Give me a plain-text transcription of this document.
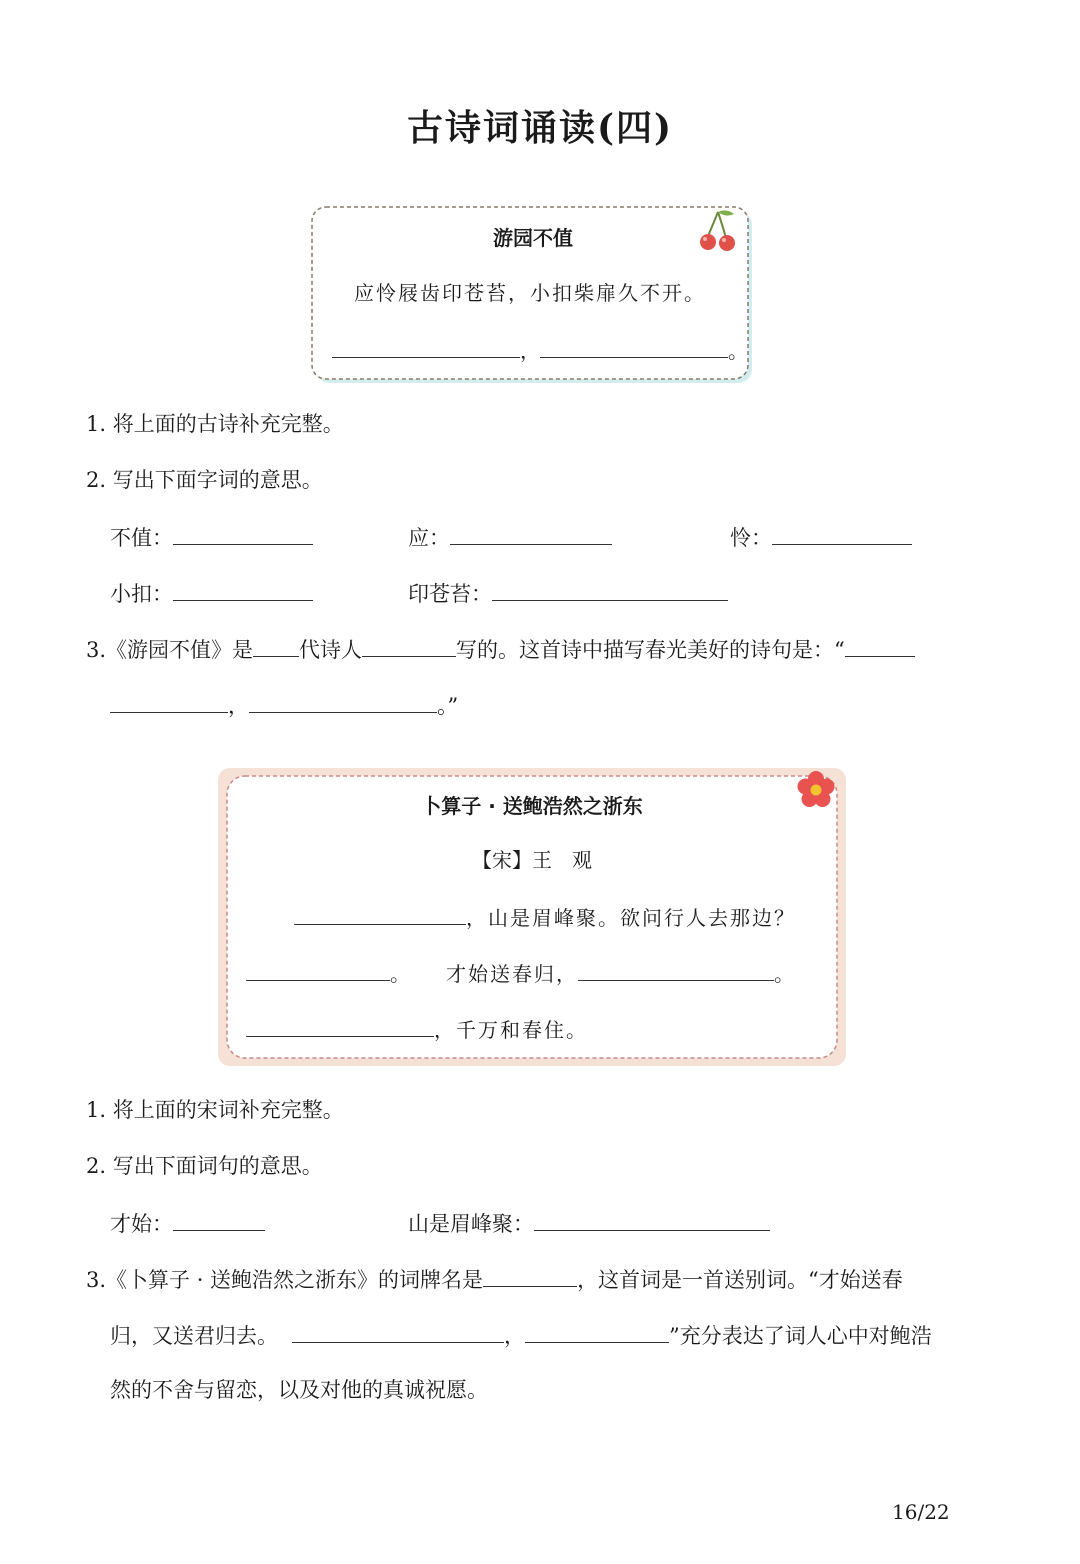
古诗词诵读(四)
游园不值
应怜屐齿印苍苔，小扣柴扉久不开。
，	。
1. 将上面的古诗补充完整。
2. 写出下面字词的意思。
不值：	应：	怜：
小扣：	印苍苔：
3.《游园不值》是 代诗人	写的。这首诗中描写春光美好的诗句是：“
，	。”
卜算子 · 送鲍浩然之浙东
【宋】王　观
，山是眉峰聚。欲问行人去那边？
。　　才始送春归，	。
，千万和春住。
1. 将上面的宋词补充完整。
2. 写出下面词句的意思。
才始：	山是眉峰聚：
3.《卜算子 · 送鲍浩然之浙东》的词牌名是	，这首词是一首送别词。“才始送春
归，又送君归去。	，	”充分表达了词人心中对鲍浩
然的不舍与留恋，以及对他的真诚祝愿。
16/22
